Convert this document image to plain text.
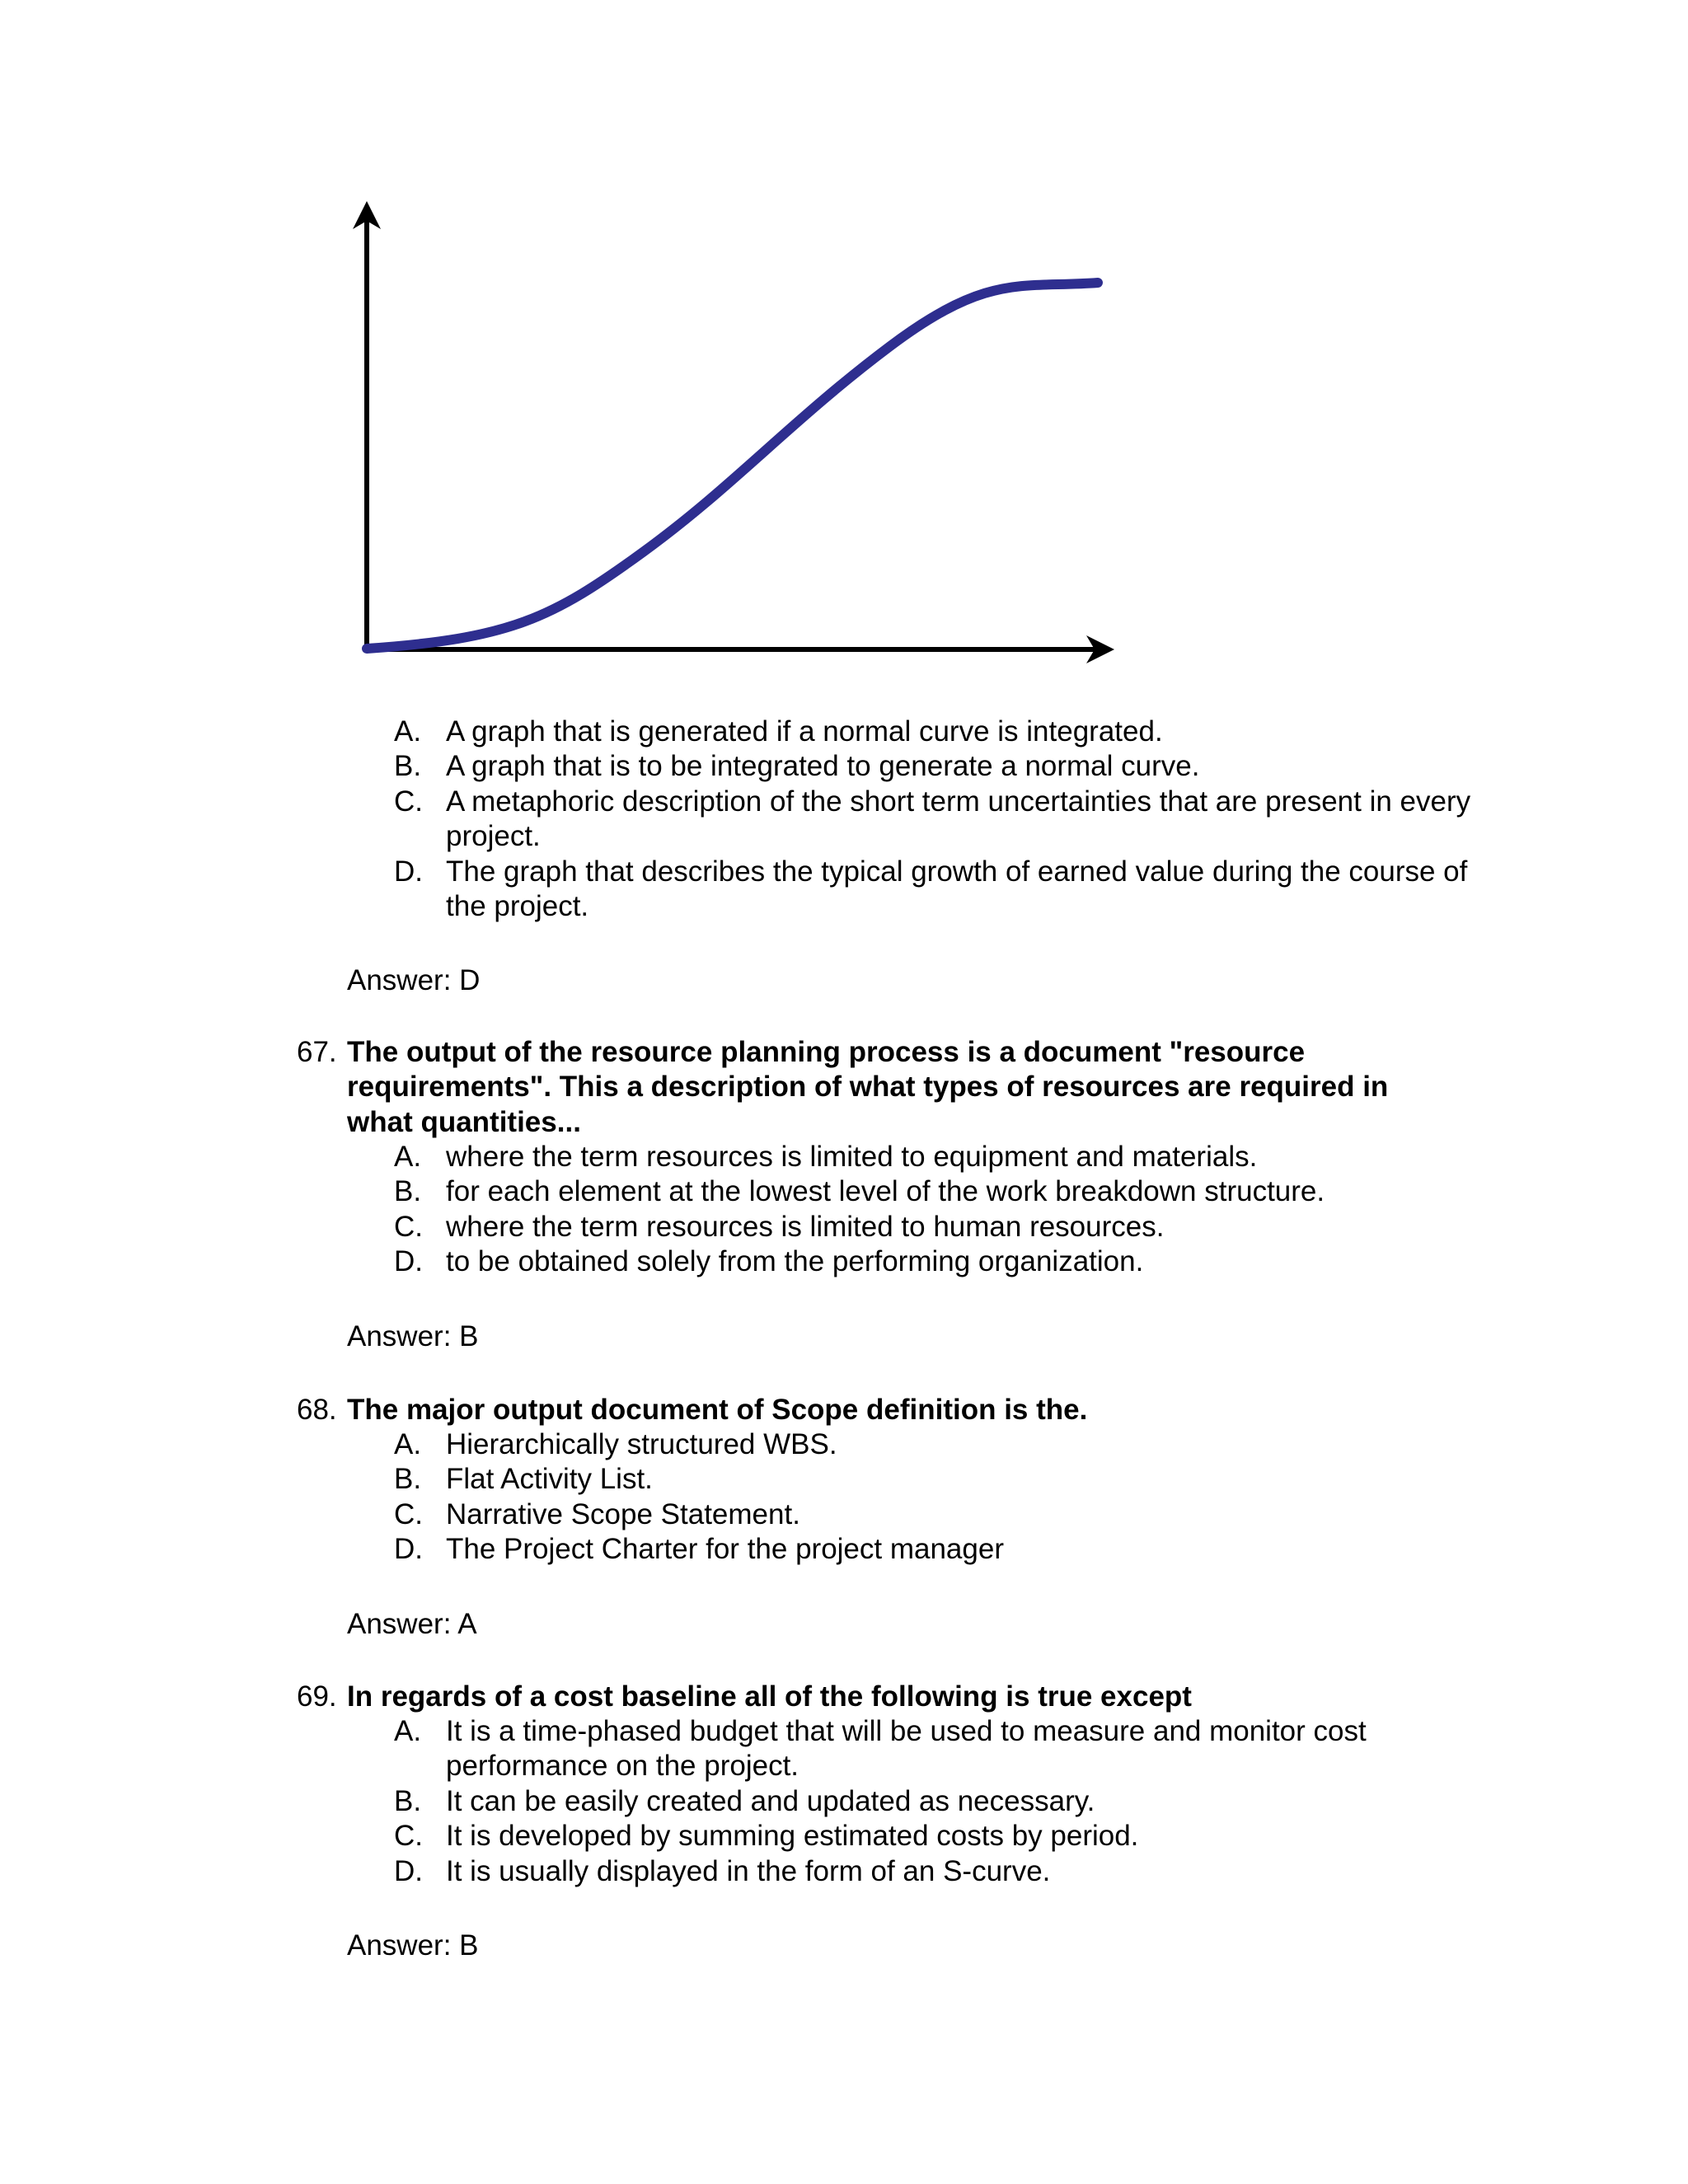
A. A graph that is generated if a normal curve is integrated.
B. A graph that is to be integrated to generate a normal curve.
C. A metaphoric description of the short term uncertainties that are present in every project.
D. The graph that describes the typical growth of earned value during the course of the project.
Answer: D
67. The output of the resource planning process is a document "resource requirements". This a description of what types of resources are required in what quantities...
A. where the term resources is limited to equipment and materials.
B. for each element at the lowest level of the work breakdown structure.
C. where the term resources is limited to human resources.
D. to be obtained solely from the performing organization.
Answer: B
68. The major output document of Scope definition is the.
A. Hierarchically structured WBS.
B. Flat Activity List.
C. Narrative Scope Statement.
D. The Project Charter for the project manager
Answer: A
69. In regards of a cost baseline all of the following is true except
A. It is a time-phased budget that will be used to measure and monitor cost performance on the project.
B. It can be easily created and updated as necessary.
C. It is developed by summing estimated costs by period.
D. It is usually displayed in the form of an S-curve.
Answer: B
